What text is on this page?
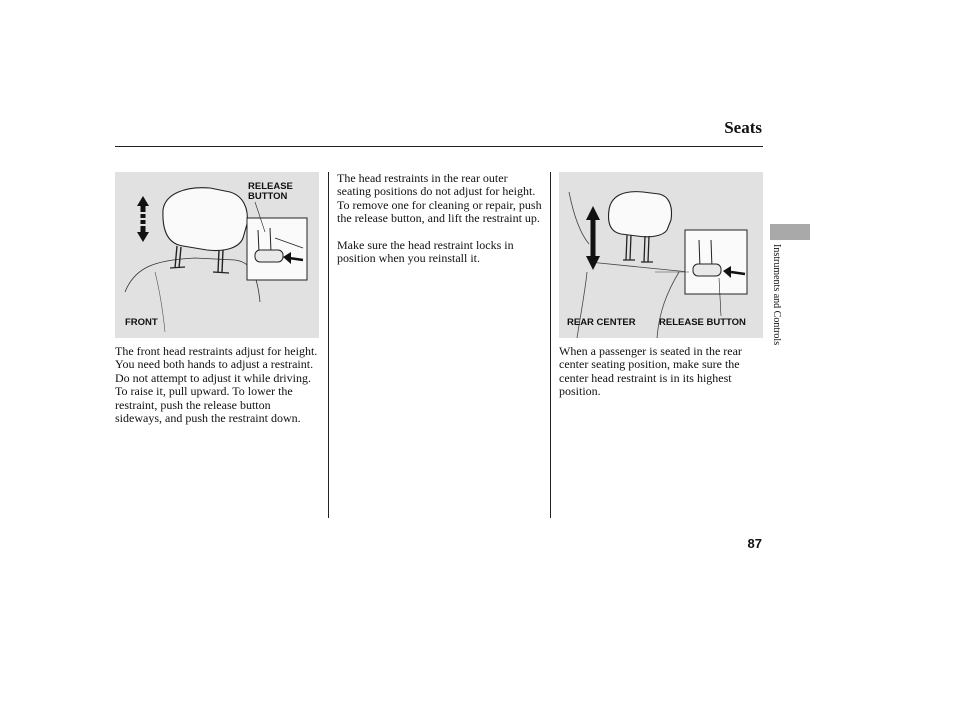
Seats
RELEASE
BUTTON
FRONT	REAR CENTER RELEASE BUTTON

The front head restraints adjust for height. You need both hands to adjust a restraint. Do not attempt to adjust it while driving. To raise it, pull upward. To lower the restraint, push the release button sideways, and push the restraint down.

The head restraints in the rear outer seating positions do not adjust for height. To remove one for cleaning or repair, push the release button, and lift the restraint up.

Make sure the head restraint locks in position when you reinstall it.

When a passenger is seated in the rear center seating position, make sure the center head restraint is in its highest position.

Instruments and Controls
87
